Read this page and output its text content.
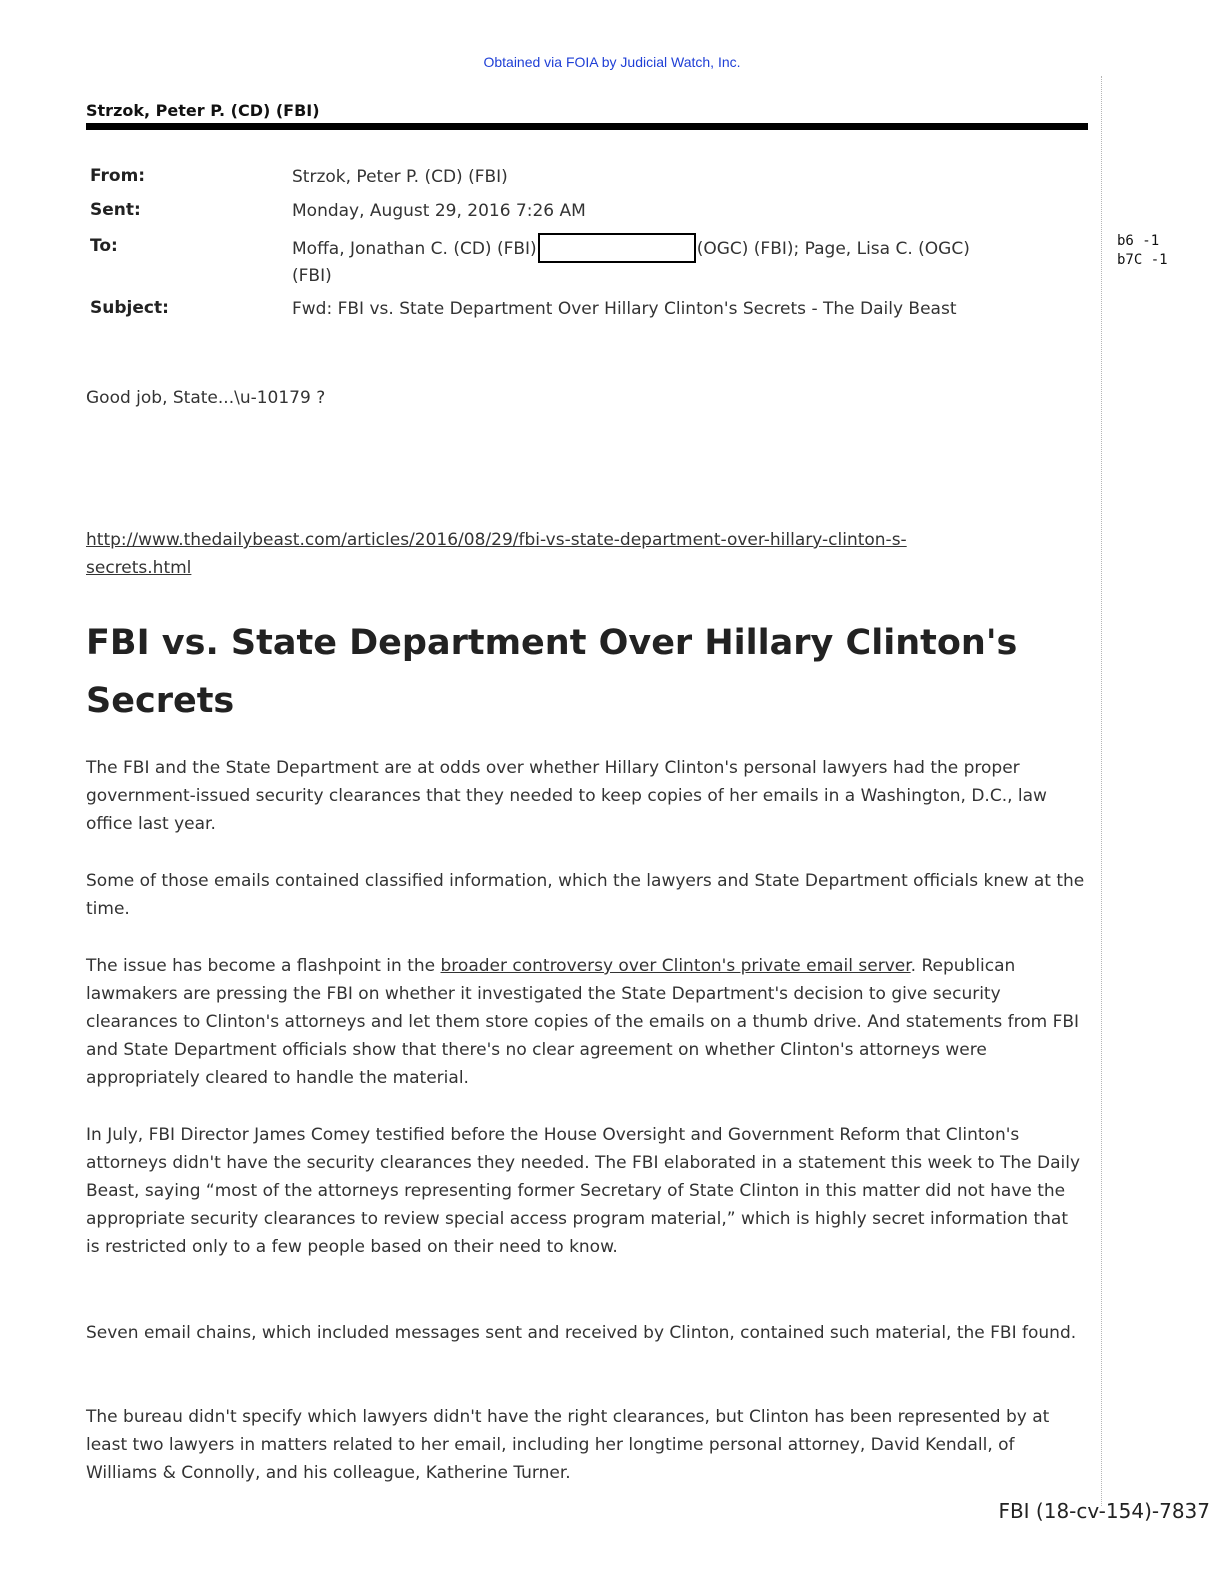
Obtained via FOIA by Judicial Watch, Inc.
Strzok, Peter P. (CD) (FBI)
From:	Strzok, Peter P. (CD) (FBI)
Sent:	Monday, August 29, 2016 7:26 AM
To:	Moffa, Jonathan C. (CD) (FBI)	(OGC) (FBI); Page, Lisa C. (OGC)
(FBI)
Subject:	Fwd: FBI vs. State Department Over Hillary Clinton's Secrets - The Daily Beast
b6 -1
b7C -1

Good job, State...\u-10179 ?

http://www.thedailybeast.com/articles/2016/08/29/fbi-vs-state-department-over-hillary-clinton-s-
secrets.html
FBI vs. State Department Over Hillary Clinton's Secrets

The FBI and the State Department are at odds over whether Hillary Clinton's personal lawyers had the proper government-issued security clearances that they needed to keep copies of her emails in a Washington, D.C., law office last year.

Some of those emails contained classified information, which the lawyers and State Department officials knew at the time.

The issue has become a flashpoint in the broader controversy over Clinton's private email server. Republican lawmakers are pressing the FBI on whether it investigated the State Department's decision to give security clearances to Clinton's attorneys and let them store copies of the emails on a thumb drive. And statements from FBI and State Department officials show that there's no clear agreement on whether Clinton's attorneys were appropriately cleared to handle the material.

In July, FBI Director James Comey testified before the House Oversight and Government Reform that Clinton's attorneys didn't have the security clearances they needed. The FBI elaborated in a statement this week to The Daily Beast, saying “most of the attorneys representing former Secretary of State Clinton in this matter did not have the appropriate security clearances to review special access program material,” which is highly secret information that is restricted only to a few people based on their need to know.

Seven email chains, which included messages sent and received by Clinton, contained such material, the FBI found.

The bureau didn't specify which lawyers didn't have the right clearances, but Clinton has been represented by at least two lawyers in matters related to her email, including her longtime personal attorney, David Kendall, of Williams & Connolly, and his colleague, Katherine Turner.

FBI (18-cv-154)-7837
